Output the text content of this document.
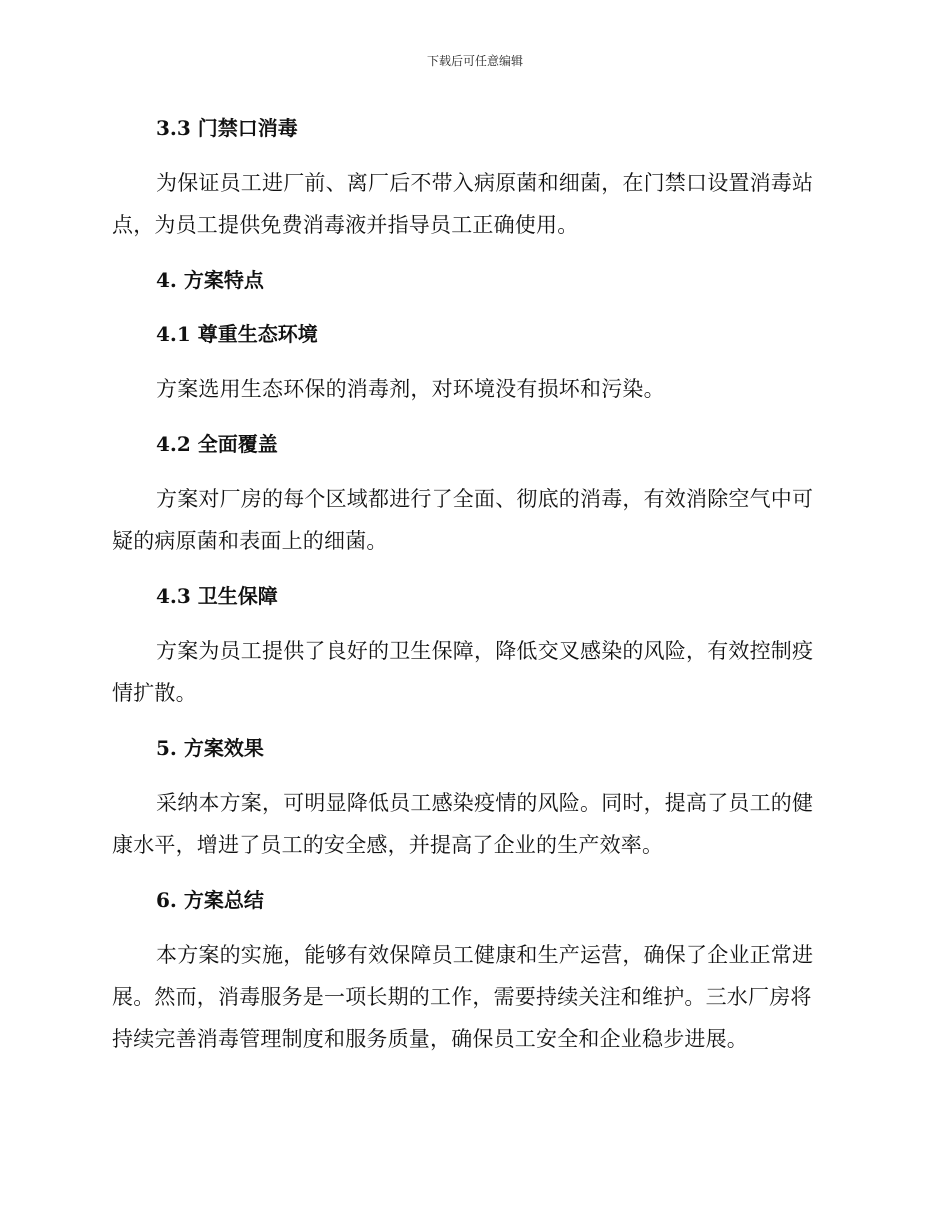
下载后可任意编辑
3.3 门禁口消毒

为保证员工进厂前、离厂后不带入病原菌和细菌，在门禁口设置消毒站点，为员工提供免费消毒液并指导员工正确使用。

4. 方案特点
4.1 尊重生态环境

方案选用生态环保的消毒剂，对环境没有损坏和污染。

4.2 全面覆盖

方案对厂房的每个区域都进行了全面、彻底的消毒，有效消除空气中可疑的病原菌和表面上的细菌。

4.3 卫生保障

方案为员工提供了良好的卫生保障，降低交叉感染的风险，有效控制疫情扩散。

5. 方案效果

采纳本方案，可明显降低员工感染疫情的风险。同时，提高了员工的健康水平，增进了员工的安全感，并提高了企业的生产效率。

6. 方案总结

本方案的实施，能够有效保障员工健康和生产运营，确保了企业正常进展。然而，消毒服务是一项长期的工作，需要持续关注和维护。三水厂房将持续完善消毒管理制度和服务质量，确保员工安全和企业稳步进展。
